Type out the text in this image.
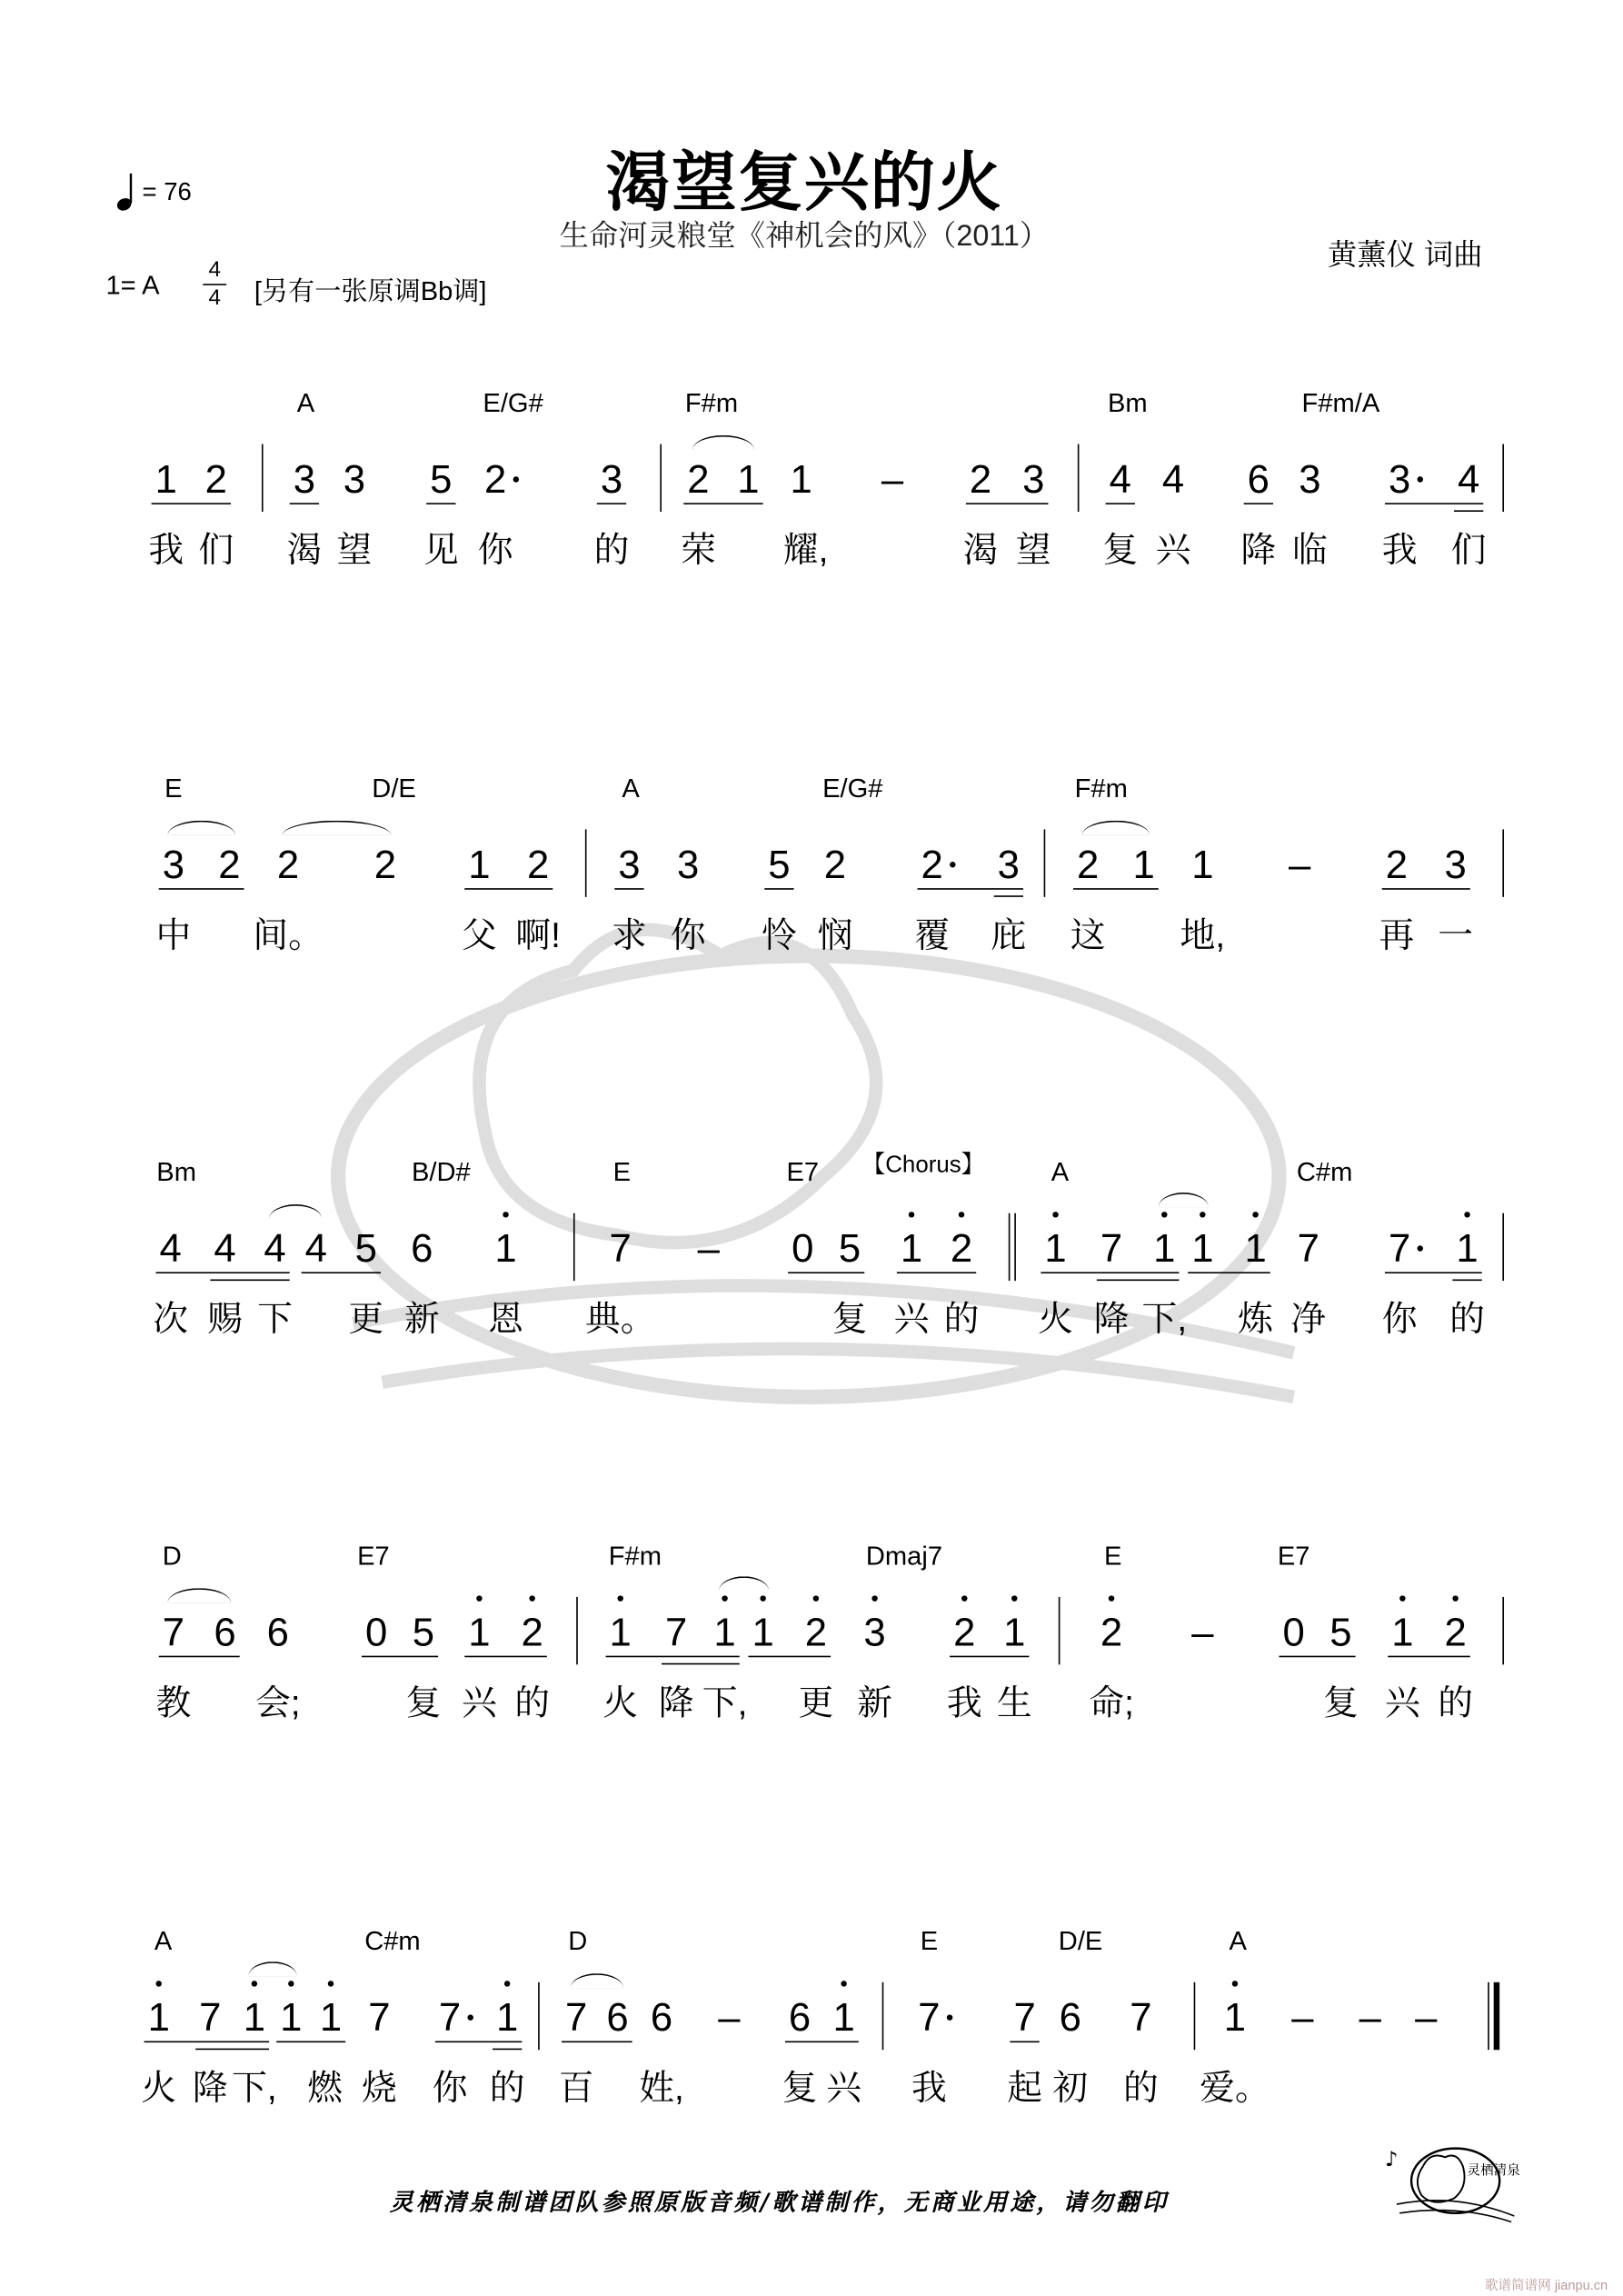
渴望复兴的火
生命河灵粮堂《神机会的风》（2011）
黄薰仪 词曲
= 76
1= A
4
4	[另有一张原调Bb调]
A	E/G#	F#m	Bm	F#m/A
我 们 渴 望 见 你	的 荣	耀,	渴 望 复 兴 降 临 我 们
1 2	3 3	5 2	3	2 1 1	–	2 3	4 4	6 3	3 4
E	D/E	A	E/G#	F#m
中	间。	父 啊! 求 你	怜 悯	覆 庇 这	地,	再 一
3 2 2	2	1 2	3 3	5 2	2 3 2 1 1	–	2 3
Bm	B/D#	E	E7	A	C#m
【Chorus】
次 赐 下	更 新 恩	典。	复 兴 的	火 降 下, 炼 净	你 的
4 4 4 4 5 6	1	7	–	0 5 1 2	1 7 1 1 1 7	7 1
D	E7	F#m	Dmaj7	E	E7
教	会;	复 兴 的 火 降 下, 更 新 我 生	命;	复 兴 的
7 6 6	0 5 1 2	1 7 1 1 2 3	2 1	2	–	0 5 1 2
A	C#m	D	E	D/E	A
火 降 下, 燃 烧 你 的 百 姓,	复 兴 我	起 初 的 爱。
1 7 1 1 1 7 7 1 7 6 6 – 6 1	7	7 6 7	1 – – –
灵栖清泉制谱团队参照原版音频/歌谱制作，无商业用途，请勿翻印
♪	灵栖清泉
歌谱简谱网 jianpu.cn
